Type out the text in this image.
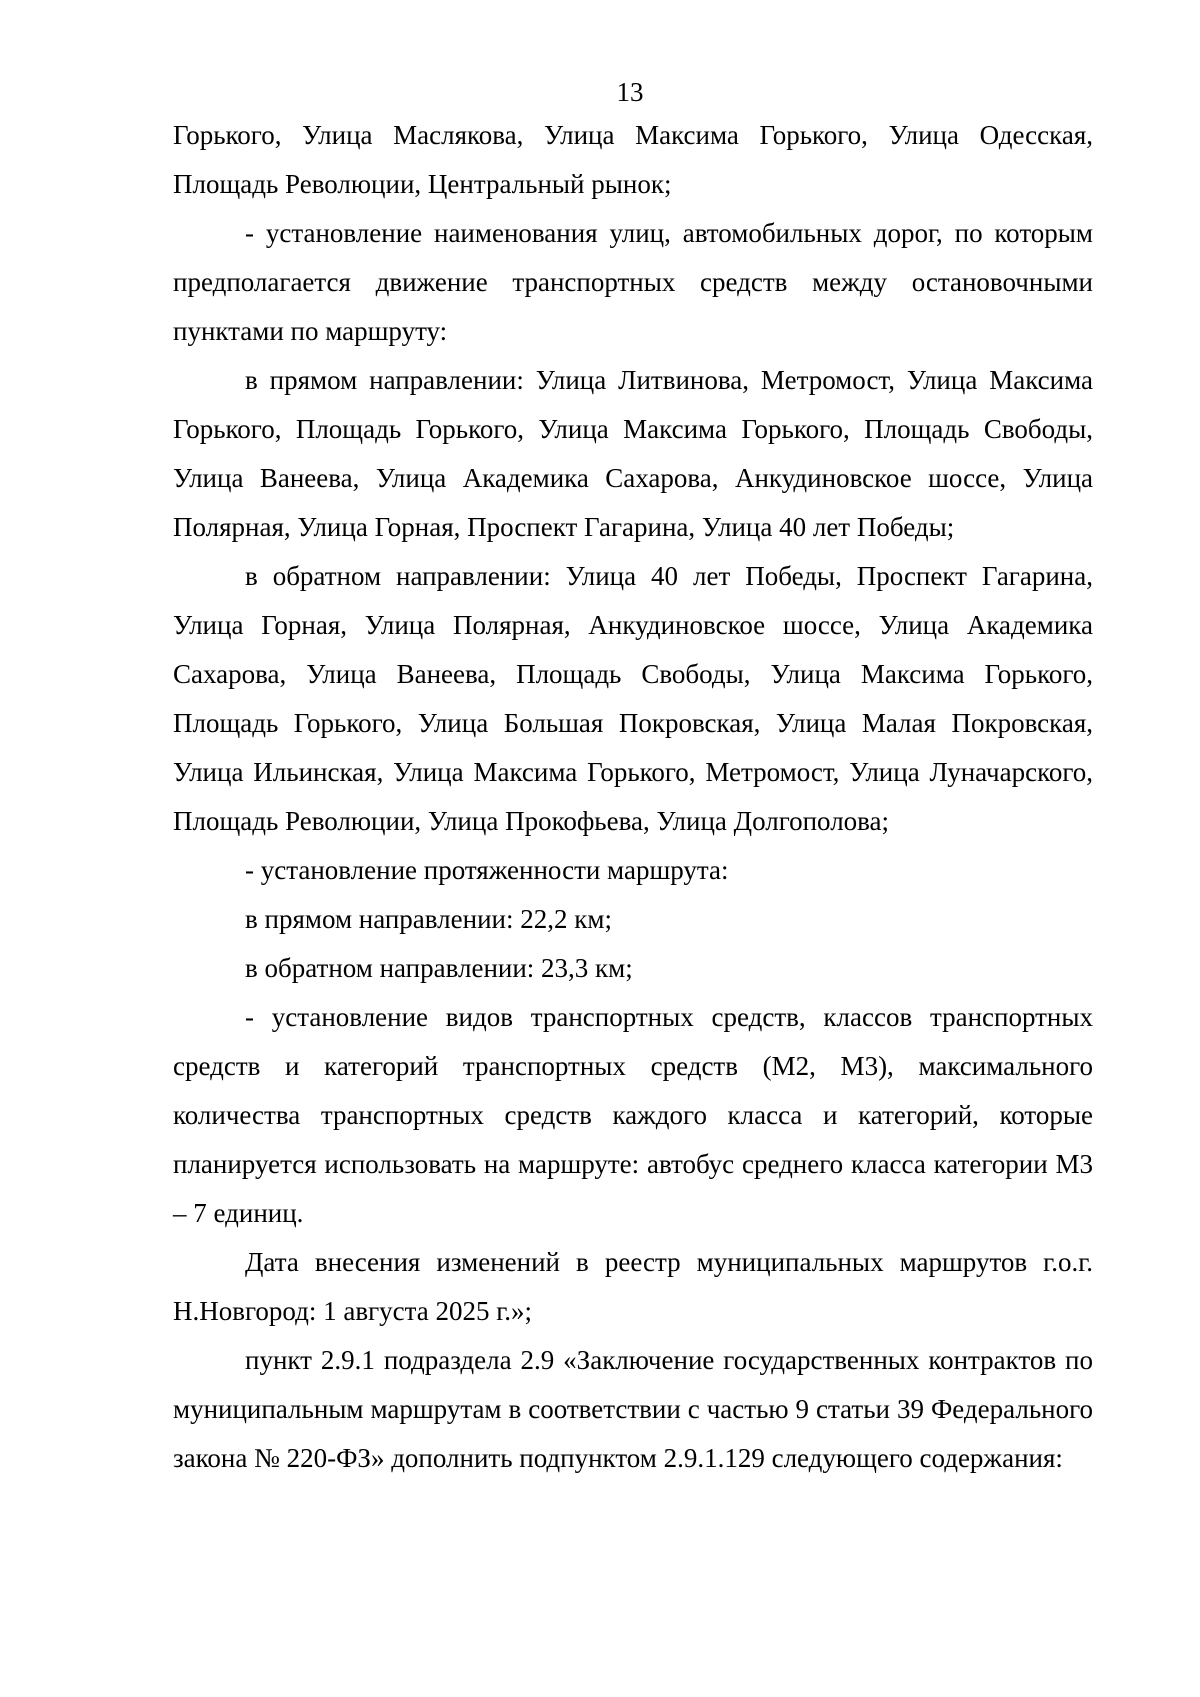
13

Горького, Улица Маслякова, Улица Максима Горького, Улица Одесская, Площадь Революции, Центральный рынок;

- установление наименования улиц, автомобильных дорог, по которым предполагается движение транспортных средств между остановочными пунктами по маршруту:

в прямом направлении: Улица Литвинова, Метромост, Улица Максима Горького, Площадь Горького, Улица Максима Горького, Площадь Свободы, Улица Ванеева, Улица Академика Сахарова, Анкудиновское шоссе, Улица Полярная, Улица Горная, Проспект Гагарина, Улица 40 лет Победы;

в обратном направлении: Улица 40 лет Победы, Проспект Гагарина, Улица Горная, Улица Полярная, Анкудиновское шоссе, Улица Академика Сахарова, Улица Ванеева, Площадь Свободы, Улица Максима Горького, Площадь Горького, Улица Большая Покровская, Улица Малая Покровская, Улица Ильинская, Улица Максима Горького, Метромост, Улица Луначарского, Площадь Революции, Улица Прокофьева, Улица Долгополова;

- установление протяженности маршрута:

в прямом направлении: 22,2 км;

в обратном направлении: 23,3 км;

- установление видов транспортных средств, классов транспортных средств и категорий транспортных средств (М2, М3), максимального количества транспортных средств каждого класса и категорий, которые планируется использовать на маршруте: автобус среднего класса категории М3 – 7 единиц.

Дата внесения изменений в реестр муниципальных маршрутов г.о.г. Н.Новгород: 1 августа 2025 г.»;

пункт 2.9.1 подраздела 2.9 «Заключение государственных контрактов по муниципальным маршрутам в соответствии с частью 9 статьи 39 Федерального закона № 220-ФЗ» дополнить подпунктом 2.9.1.129 следующего содержания:
